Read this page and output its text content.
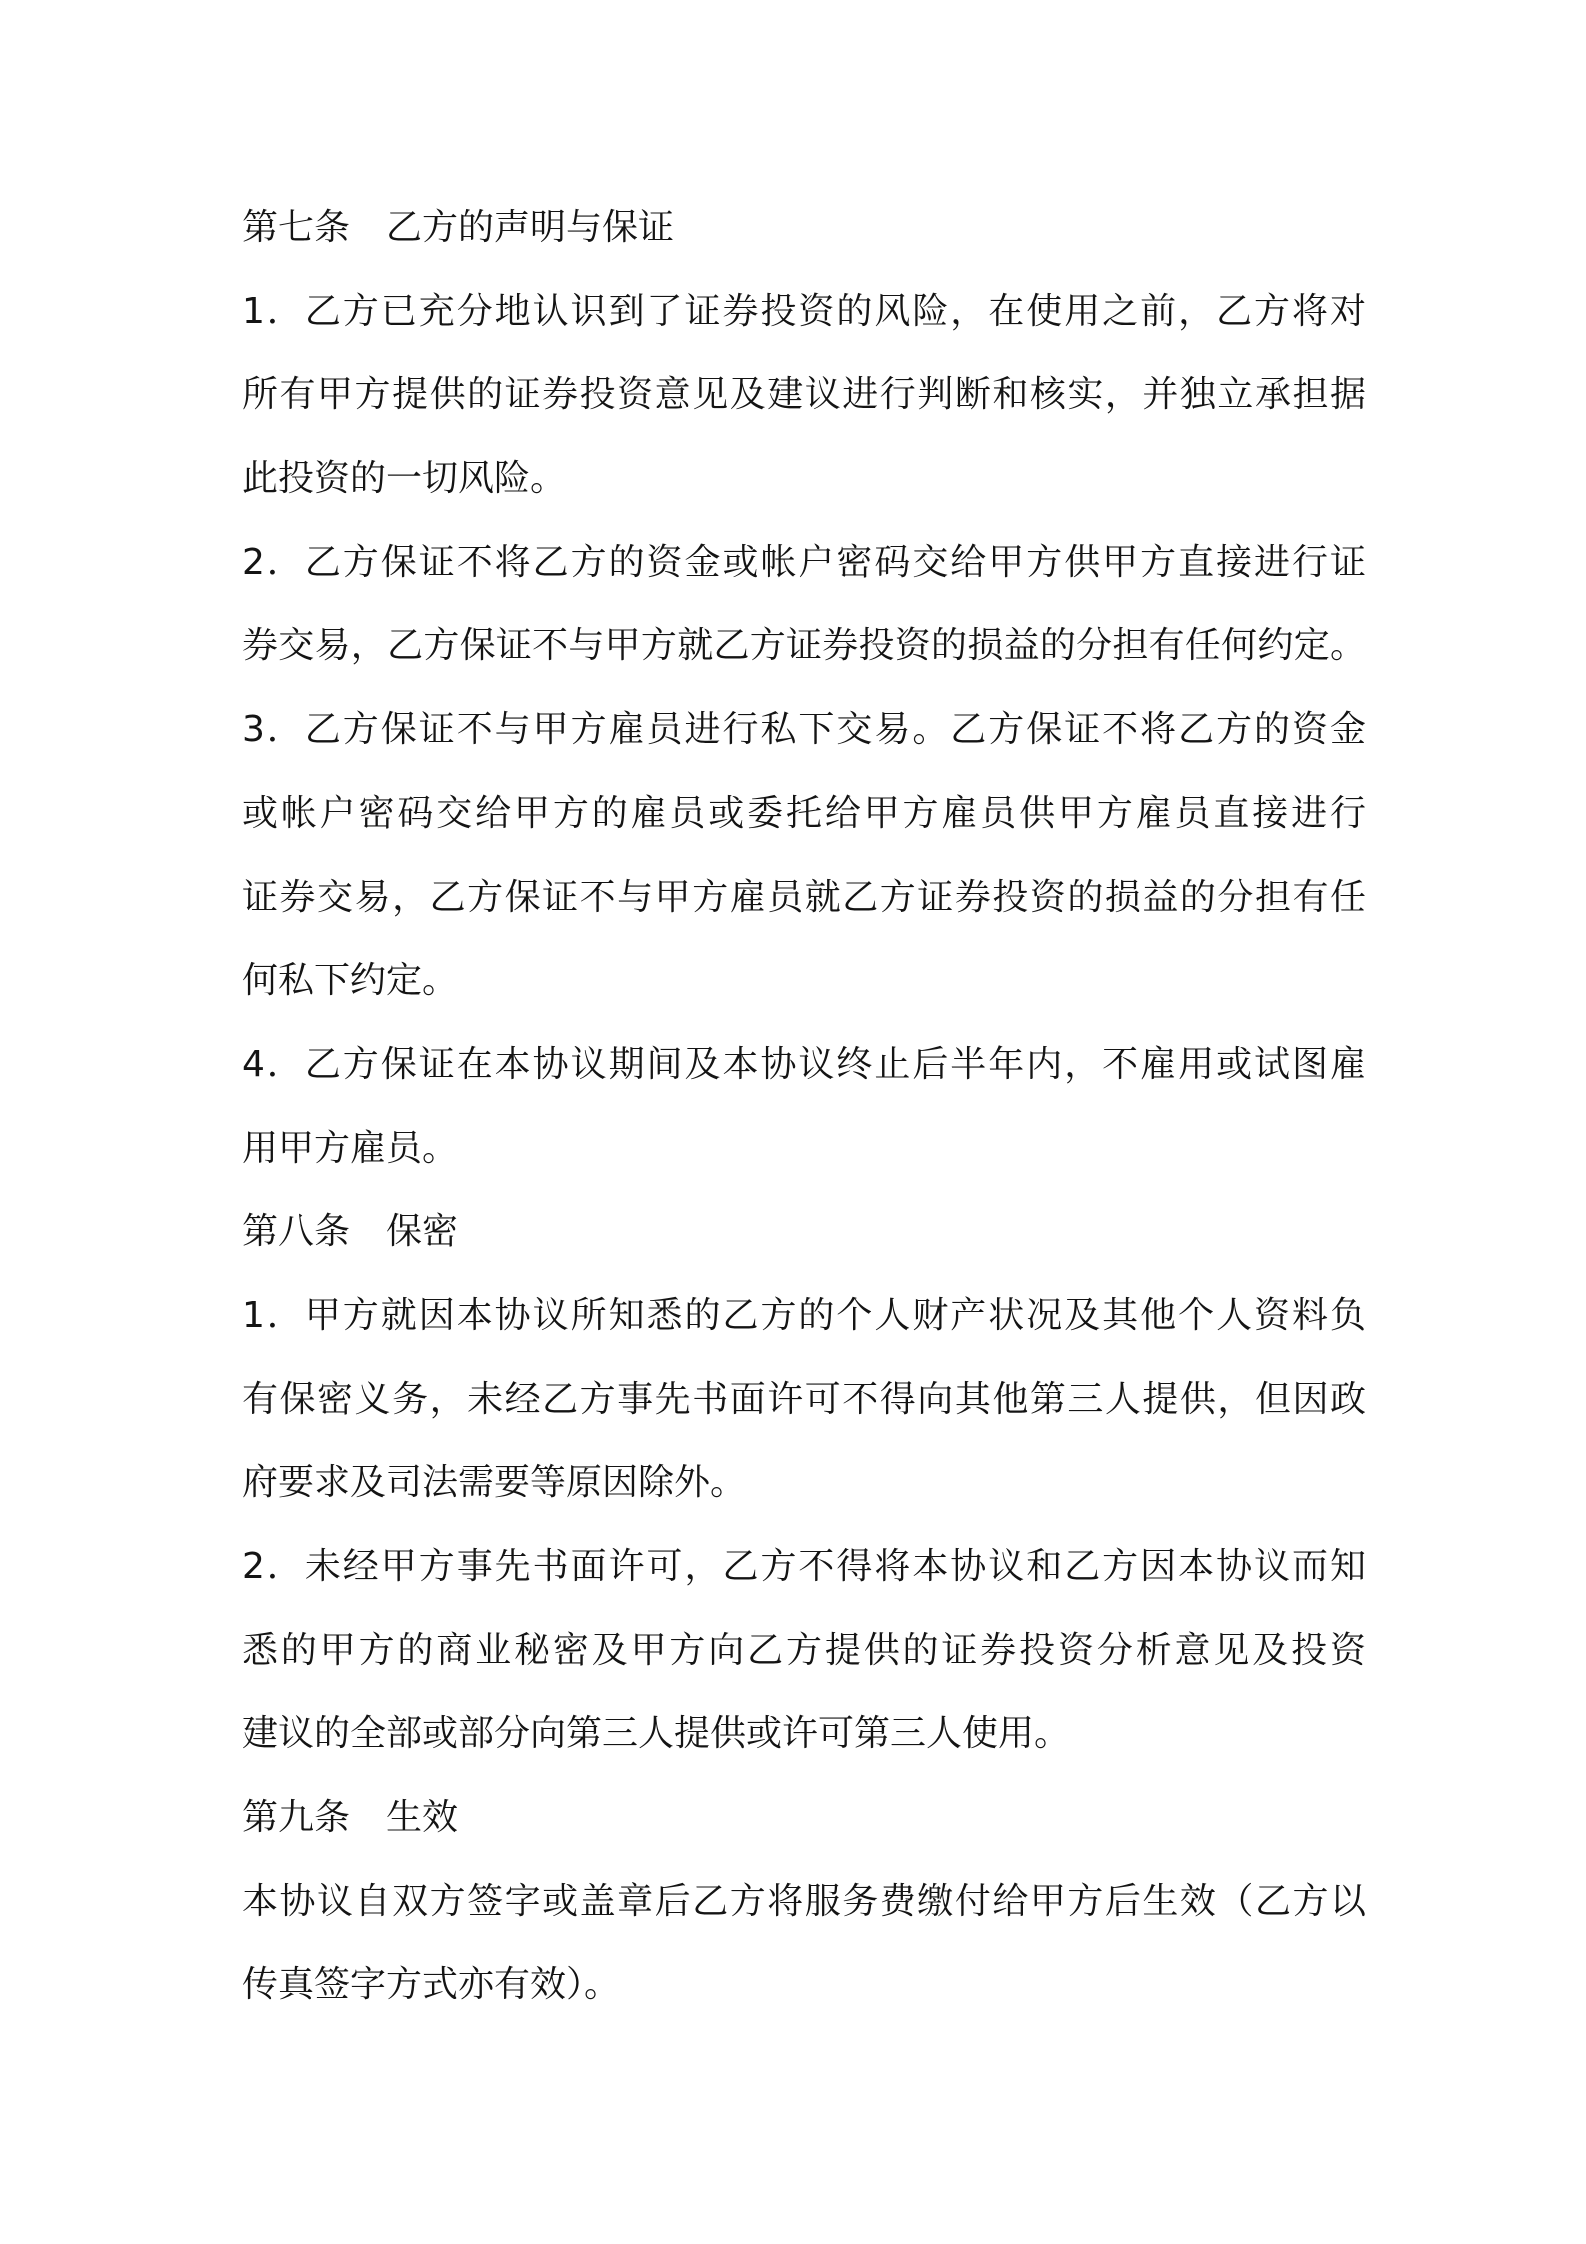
第七条　乙方的声明与保证
1．乙方已充分地认识到了证券投资的风险，在使用之前，乙方将对
所有甲方提供的证券投资意见及建议进行判断和核实，并独立承担据
此投资的一切风险。
2．乙方保证不将乙方的资金或帐户密码交给甲方供甲方直接进行证
券交易，乙方保证不与甲方就乙方证券投资的损益的分担有任何约定。
3．乙方保证不与甲方雇员进行私下交易。乙方保证不将乙方的资金
或帐户密码交给甲方的雇员或委托给甲方雇员供甲方雇员直接进行
证券交易，乙方保证不与甲方雇员就乙方证券投资的损益的分担有任
何私下约定。
4．乙方保证在本协议期间及本协议终止后半年内，不雇用或试图雇
用甲方雇员。
第八条　保密
1．甲方就因本协议所知悉的乙方的个人财产状况及其他个人资料负
有保密义务，未经乙方事先书面许可不得向其他第三人提供，但因政
府要求及司法需要等原因除外。
2．未经甲方事先书面许可，乙方不得将本协议和乙方因本协议而知
悉的甲方的商业秘密及甲方向乙方提供的证券投资分析意见及投资
建议的全部或部分向第三人提供或许可第三人使用。
第九条　生效
本协议自双方签字或盖章后乙方将服务费缴付给甲方后生效（乙方以
传真签字方式亦有效）。
